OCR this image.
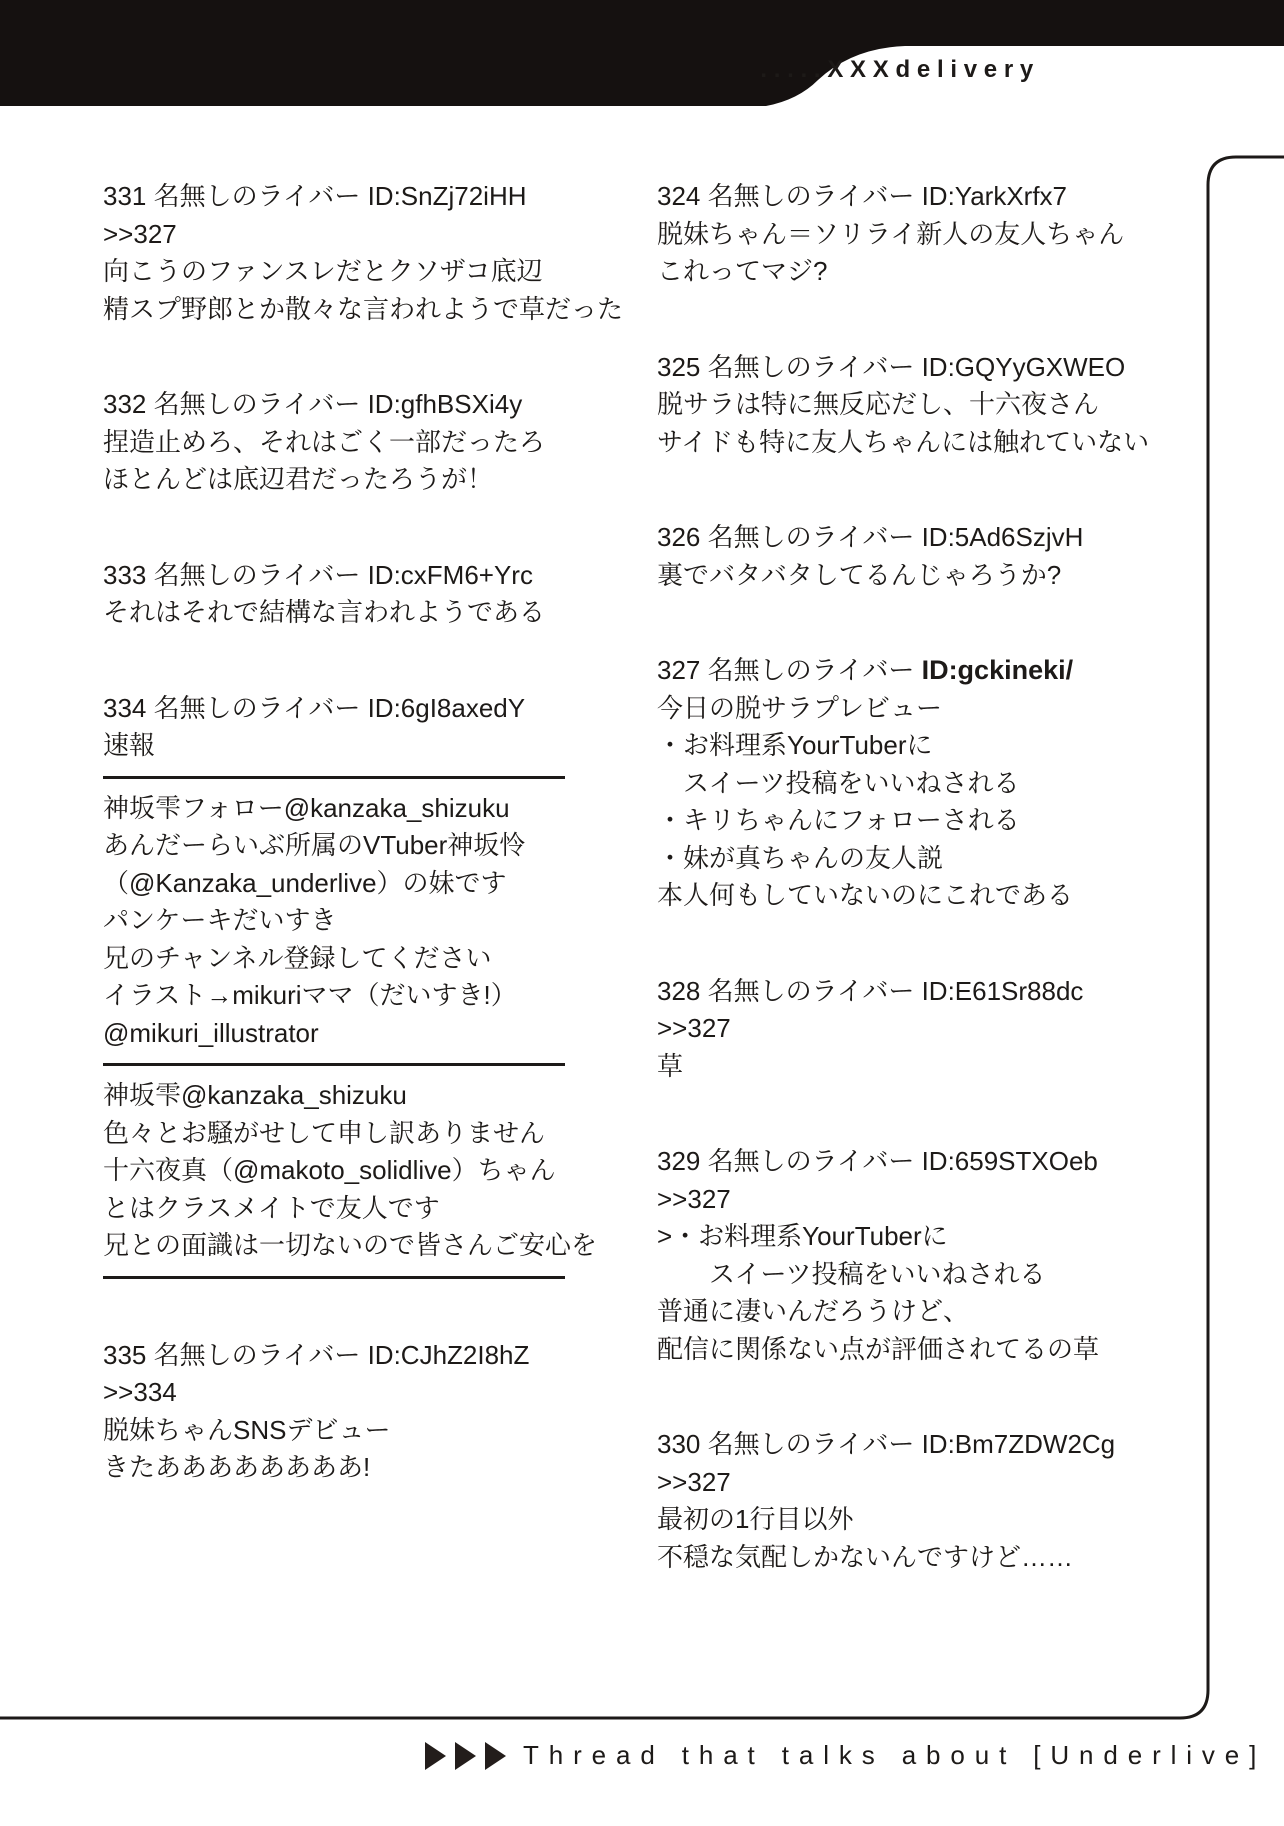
.....XXXdelivery
331 名無しのライバー ID:SnZj72iHH
>>327
向こうのファンスレだとクソザコ底辺
精スプ野郎とか散々な言われようで草だった
332 名無しのライバー ID:gfhBSXi4y
捏造止めろ、それはごく一部だったろ
ほとんどは底辺君だったろうが！
333 名無しのライバー ID:cxFM6+Yrc
それはそれで結構な言われようである
334 名無しのライバー ID:6gI8axedY
速報
神坂雫フォロー@kanzaka_shizuku
あんだーらいぶ所属のVTuber神坂怜
（@Kanzaka_underlive）の妹です
パンケーキだいすき
兄のチャンネル登録してください
イラスト→mikuriママ（だいすき!）
@mikuri_illustrator
神坂雫@kanzaka_shizuku
色々とお騒がせして申し訳ありません
十六夜真（@makoto_solidlive）ちゃん
とはクラスメイトで友人です
兄との面識は一切ないので皆さんご安心を
335 名無しのライバー ID:CJhZ2I8hZ
>>334
脱妹ちゃんSNSデビュー
きたああああああああ!
324 名無しのライバー ID:YarkXrfx7
脱妹ちゃん＝ソリライ新人の友人ちゃん
これってマジ?
325 名無しのライバー ID:GQYyGXWEO
脱サラは特に無反応だし、十六夜さん
サイドも特に友人ちゃんには触れていない
326 名無しのライバー ID:5Ad6SzjvH
裏でバタバタしてるんじゃろうか?
327 名無しのライバー ID:gckineki/
今日の脱サラプレビュー
・お料理系YourTuberに
　スイーツ投稿をいいねされる
・キリちゃんにフォローされる
・妹が真ちゃんの友人説
本人何もしていないのにこれである
328 名無しのライバー ID:E61Sr88dc
>>327
草
329 名無しのライバー ID:659STXOeb
>>327
>・お料理系YourTuberに
　　スイーツ投稿をいいねされる
普通に凄いんだろうけど、
配信に関係ない点が評価されてるの草
330 名無しのライバー ID:Bm7ZDW2Cg
>>327
最初の1行目以外
不穏な気配しかないんですけど……
Thread that talks about [Underlive]
